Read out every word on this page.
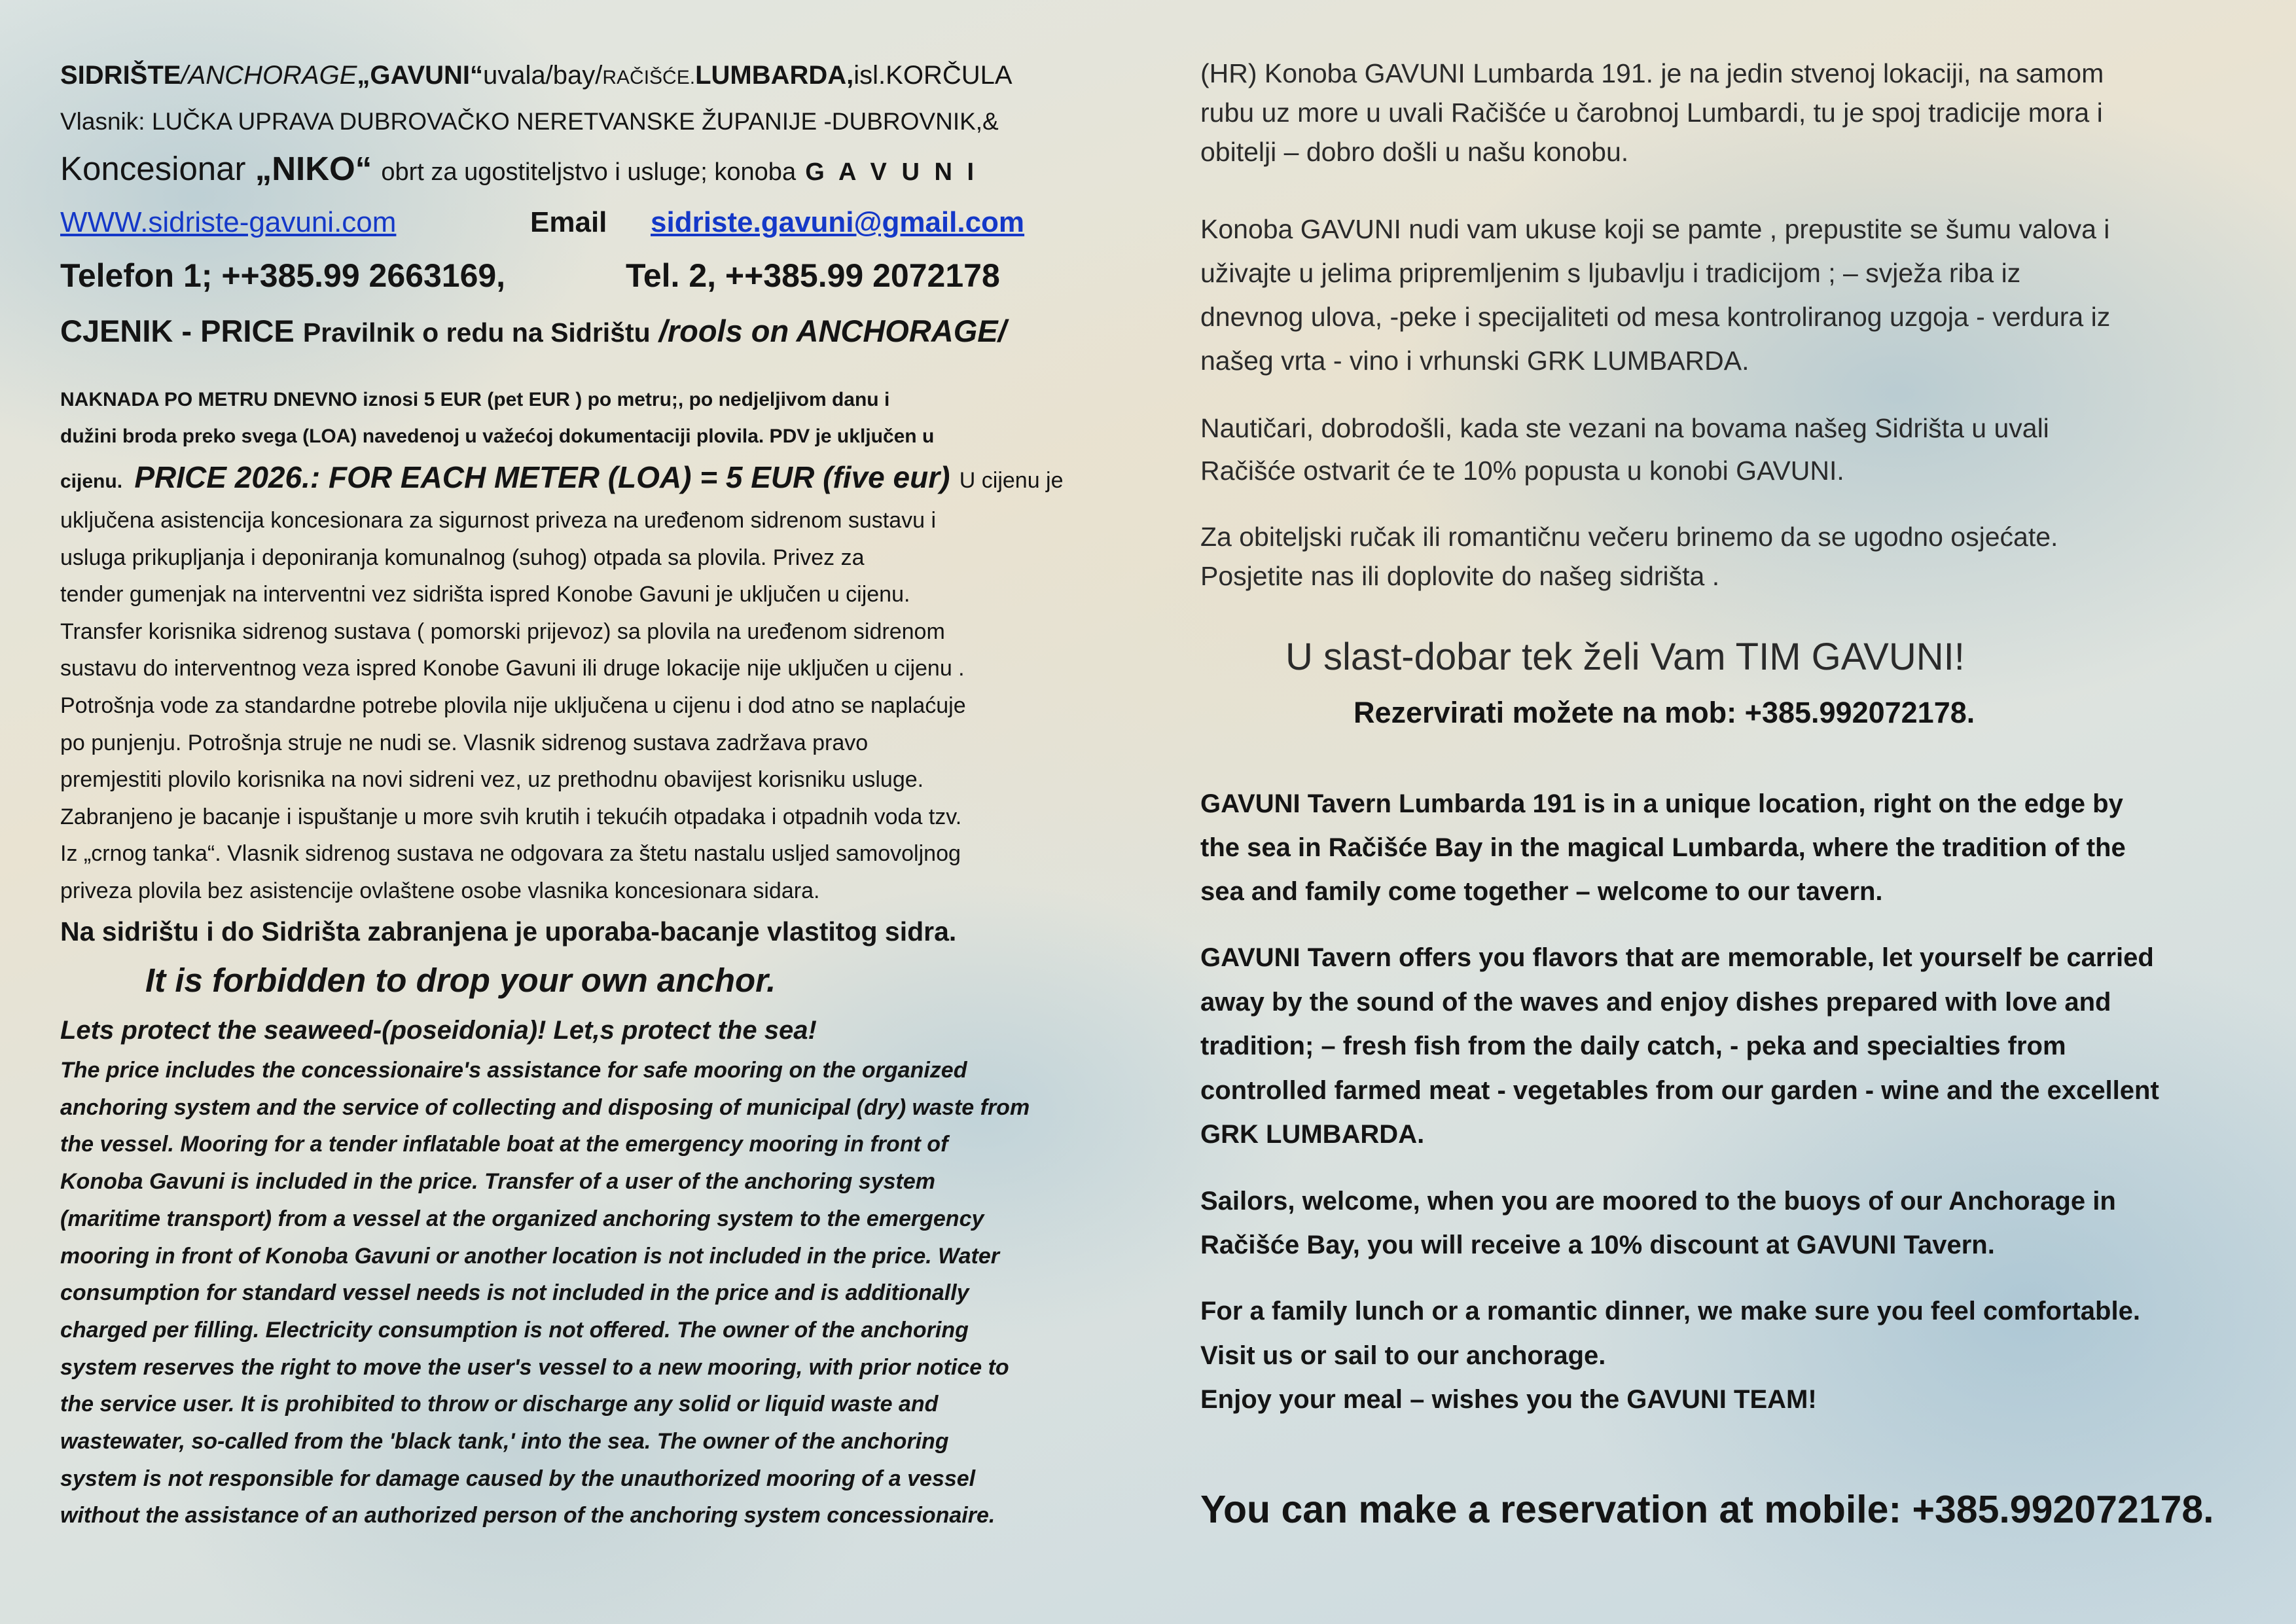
SIDRIŠTE/ANCHORAGE„GAVUNI“uvala/bay/RAČIŠĆE.LUMBARDA,isl.KORČULA
Vlasnik: LUČKA UPRAVA DUBROVAČKO NERETVANSKE ŽUPANIJE -DUBROVNIK,&
Koncesionar „NIKO“ obrt za ugostiteljstvo i usluge; konoba G A V U N I
WWW.sidriste-gavuni.com	Email sidriste.gavuni@gmail.com
Telefon 1; ++385.99 2663169,	Tel. 2, ++385.99 2072178
CJENIK - PRICE Pravilnik o redu na Sidrištu /rools on ANCHORAGE/
NAKNADA PO METRU DNEVNO iznosi 5 EUR (pet EUR ) po metru;, po nedjeljivom danu i
dužini broda preko svega (LOA) navedenoj u važećoj dokumentaciji plovila. PDV je uključen u
cijenu. PRICE 2026.: FOR EACH METER (LOA) = 5 EUR (five eur) U cijenu je
uključena asistencija koncesionara za sigurnost priveza na uređenom sidrenom sustavu i
usluga prikupljanja i deponiranja komunalnog (suhog) otpada sa plovila. Privez za
tender gumenjak na interventni vez sidrišta ispred Konobe Gavuni je uključen u cijenu.
Transfer korisnika sidrenog sustava ( pomorski prijevoz) sa plovila na uređenom sidrenom
sustavu do interventnog veza ispred Konobe Gavuni ili druge lokacije nije uključen u cijenu .
Potrošnja vode za standardne potrebe plovila nije uključena u cijenu i dod atno se naplaćuje
po punjenju. Potrošnja struje ne nudi se. Vlasnik sidrenog sustava zadržava pravo
premjestiti plovilo korisnika na novi sidreni vez, uz prethodnu obavijest korisniku usluge.
Zabranjeno je bacanje i ispuštanje u more svih krutih i tekućih otpadaka i otpadnih voda tzv.
Iz „crnog tanka“. Vlasnik sidrenog sustava ne odgovara za štetu nastalu usljed samovoljnog
priveza plovila bez asistencije ovlaštene osobe vlasnika koncesionara sidara.
Na sidrištu i do Sidrišta zabranjena je uporaba-bacanje vlastitog sidra.
It is forbidden to drop your own anchor.
Lets protect the seaweed-(poseidonia)! Let,s protect the sea!
The price includes the concessionaire's assistance for safe mooring on the organized
anchoring system and the service of collecting and disposing of municipal (dry) waste from
the vessel. Mooring for a tender inflatable boat at the emergency mooring in front of
Konoba Gavuni is included in the price. Transfer of a user of the anchoring system
(maritime transport) from a vessel at the organized anchoring system to the emergency
mooring in front of Konoba Gavuni or another location is not included in the price. Water
consumption for standard vessel needs is not included in the price and is additionally
charged per filling. Electricity consumption is not offered. The owner of the anchoring
system reserves the right to move the user's vessel to a new mooring, with prior notice to
the service user. It is prohibited to throw or discharge any solid or liquid waste and
wastewater, so-called from the 'black tank,' into the sea. The owner of the anchoring
system is not responsible for damage caused by the unauthorized mooring of a vessel
without the assistance of an authorized person of the anchoring system concessionaire.
(HR) Konoba GAVUNI Lumbarda 191. je na jedin stvenoj lokaciji, na samom
rubu uz more u uvali Račišće u čarobnoj Lumbardi, tu je spoj tradicije mora i
obitelji – dobro došli u našu konobu.
Konoba GAVUNI nudi vam ukuse koji se pamte , prepustite se šumu valova i
uživajte u jelima pripremljenim s ljubavlju i tradicijom ; – svježa riba iz
dnevnog ulova, -peke i specijaliteti od mesa kontroliranog uzgoja - verdura iz
našeg vrta - vino i vrhunski GRK LUMBARDA.
Nautičari, dobrodošli, kada ste vezani na bovama našeg Sidrišta u uvali
Račišće ostvarit će te 10% popusta u konobi GAVUNI.
Za obiteljski ručak ili romantičnu večeru brinemo da se ugodno osjećate.
Posjetite nas ili doplovite do našeg sidrišta .
U slast-dobar tek želi Vam TIM GAVUNI!
Rezervirati možete na mob: +385.992072178.
GAVUNI Tavern Lumbarda 191 is in a unique location, right on the edge by
the sea in Račišće Bay in the magical Lumbarda, where the tradition of the
sea and family come together – welcome to our tavern.
GAVUNI Tavern offers you flavors that are memorable, let yourself be carried
away by the sound of the waves and enjoy dishes prepared with love and
tradition; – fresh fish from the daily catch, - peka and specialties from
controlled farmed meat - vegetables from our garden - wine and the excellent
GRK LUMBARDA.
Sailors, welcome, when you are moored to the buoys of our Anchorage in
Račišće Bay, you will receive a 10% discount at GAVUNI Tavern.
For a family lunch or a romantic dinner, we make sure you feel comfortable.
Visit us or sail to our anchorage.
Enjoy your meal – wishes you the GAVUNI TEAM!
You can make a reservation at mobile: +385.992072178.
